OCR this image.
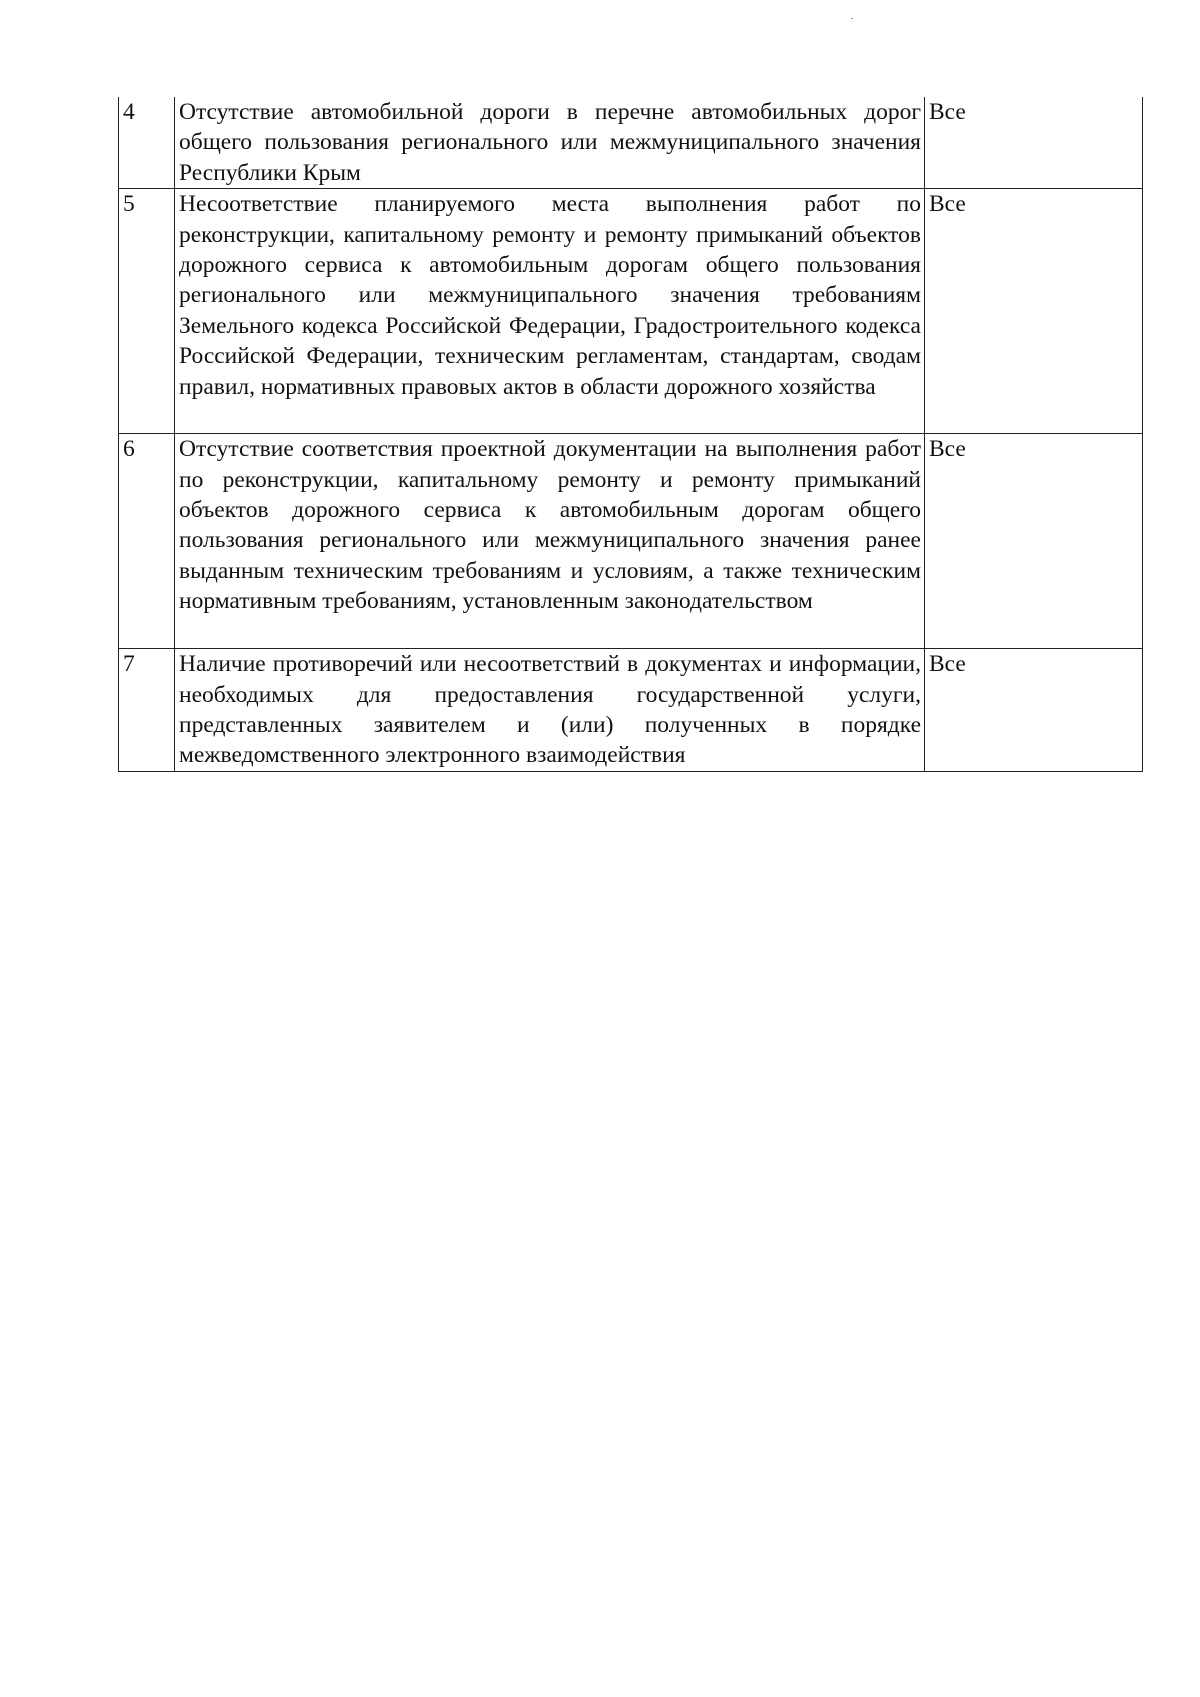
4	Отсутствие автомобильной дороги в перечне автомобильных дорог общего пользования регионального или межмуниципального значения Республики Крым	Все
5	Несоответствие планируемого места выполнения работ по реконструкции, капитальному ремонту и ремонту примыканий объектов дорожного сервиса к автомобильным дорогам общего пользования регионального или межмуниципального значения требованиям Земельного кодекса Российской Федерации, Градостроительного кодекса Российской Федерации, техническим регламентам, стандартам, сводам правил, нормативных правовых актов в области дорожного хозяйства	Все
6	Отсутствие соответствия проектной документации на выполнения работ по реконструкции, капитальному ремонту и ремонту примыканий объектов дорожного сервиса к автомобильным дорогам общего пользования регионального или межмуниципального значения ранее выданным техническим требованиям и условиям, а также техническим нормативным требованиям, установленным законодательством	Все
7	Наличие противоречий или несоответствий в документах и информации, необходимых для предоставления государственной услуги, представленных заявителем и (или) полученных в порядке межведомственного электронного взаимодействия	Все
